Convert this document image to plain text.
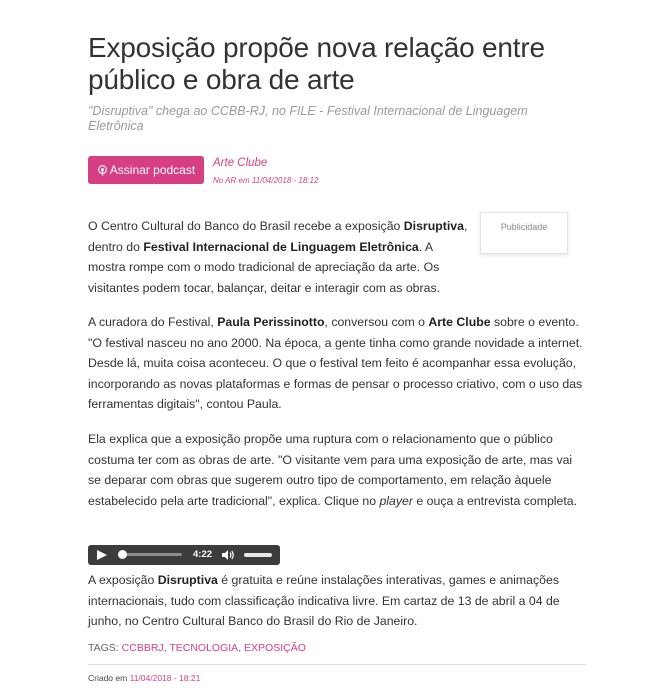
Exposição propõe nova relação entre público e obra de arte

"Disruptiva" chega ao CCBB-RJ, no FILE - Festival Internacional de Linguagem Eletrônica

Assinar podcast Arte Clube
No AR em 11/04/2018 - 18:12
Publicidade

O Centro Cultural do Banco do Brasil recebe a exposição Disruptiva, dentro do Festival Internacional de Linguagem Eletrônica. A mostra rompe com o modo tradicional de apreciação da arte. Os visitantes podem tocar, balançar, deitar e interagir com as obras.

A curadora do Festival, Paula Perissinotto, conversou com o Arte Clube sobre o evento. "O festival nasceu no ano 2000. Na época, a gente tinha como grande novidade a internet. Desde lá, muita coisa aconteceu. O que o festival tem feito é acompanhar essa evolução, incorporando as novas plataformas e formas de pensar o processo criativo, com o uso das ferramentas digitais", contou Paula.

Ela explica que a exposição propõe uma ruptura com o relacionamento que o público costuma ter com as obras de arte. "O visitante vem para uma exposição de arte, mas vai se deparar com obras que sugerem outro tipo de comportamento, em relação àquele estabelecido pela arte tradicional", explica. Clique no player e ouça a entrevista completa.

4:22

A exposição Disruptiva é gratuita e reúne instalações interativas, games e animações internacionais, tudo com classificação indicativa livre. Em cartaz de 13 de abril a 04 de junho, no Centro Cultural Banco do Brasil do Rio de Janeiro.

TAGS: CCBBRJ, TECNOLOGIA, EXPOSIÇÃO
Criado em 11/04/2018 - 18:21
